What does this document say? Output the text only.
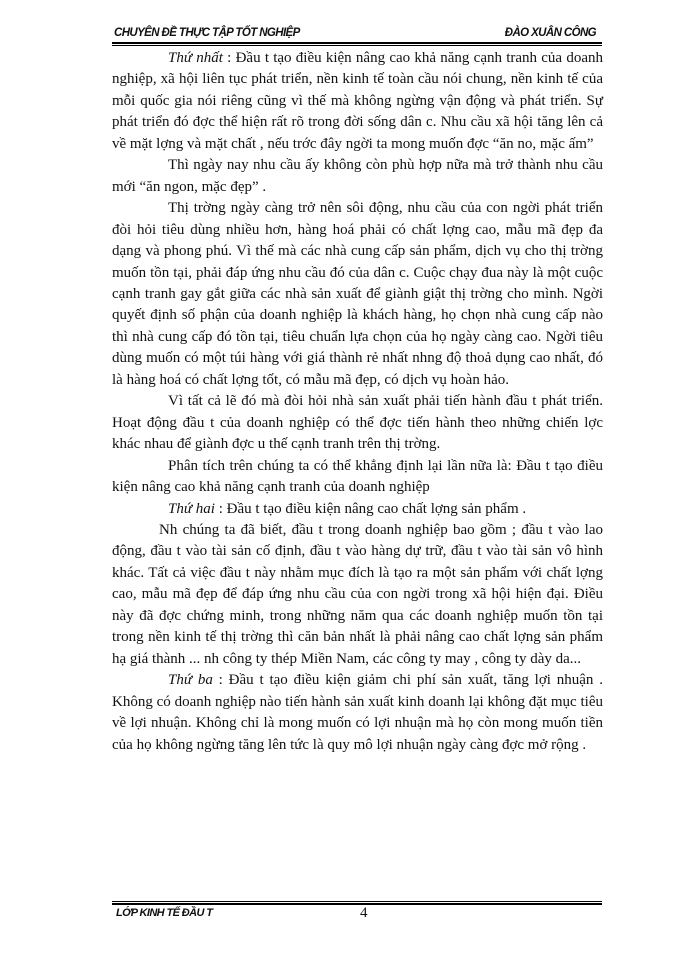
CHUYÊN ĐỀ THỰC TẬP TỐT NGHIỆP	ĐÀO XUÂN CÔNG

Thứ nhất : Đầu t tạo điều kiện nâng cao khả năng cạnh tranh của doanh nghiệp, xã hội liên tục phát triển, nền kinh tế toàn cầu nói chung, nền kinh tế của mỗi quốc gia nói riêng cũng vì thế mà không ngừng vận động và phát triển. Sự phát triển đó đợc thể hiện rất rõ trong đời sống dân c. Nhu cầu xã hội tăng lên cả về mặt lợng và mặt chất , nếu trớc đây ngời ta mong muốn đợc “ăn no, mặc ấm”

Thì ngày nay nhu cầu ấy không còn phù hợp nữa mà trở thành nhu cầu mới “ăn ngon, mặc đẹp” .

Thị trờng ngày càng trở nên sôi động, nhu cầu của con ngời phát triển đòi hỏi tiêu dùng nhiều hơn, hàng hoá phải có chất lợng cao, mẫu mã đẹp đa dạng và phong phú. Vì thế mà các nhà cung cấp sản phẩm, dịch vụ cho thị trờng muốn tồn tại, phải đáp ứng nhu cầu đó của dân c. Cuộc chạy đua này là một cuộc cạnh tranh gay gắt giữa các nhà sản xuất để giành giật thị trờng cho mình. Ngời quyết định số phận của doanh nghiệp là khách hàng, họ chọn nhà cung cấp nào thì nhà cung cấp đó tồn tại, tiêu chuẩn lựa chọn của họ ngày càng cao. Ngời tiêu dùng muốn có một túi hàng với giá thành rẻ nhất nhng độ thoả dụng cao nhất, đó là hàng hoá có chất lợng tốt, có mẫu mã đẹp, có dịch vụ hoàn hảo.

Vì tất cả lẽ đó mà đòi hỏi nhà sản xuất phải tiến hành đầu t phát triển. Hoạt động đầu t của doanh nghiệp có thể đợc tiến hành theo những chiến lợc khác nhau để giành đợc u thế cạnh tranh trên thị trờng.

Phân tích trên chúng ta có thể khẳng định lại lần nữa là: Đầu t tạo điều kiện nâng cao khả năng cạnh tranh của doanh nghiệp

Thứ hai : Đầu t tạo điều kiện nâng cao chất lợng sản phẩm .

Nh chúng ta đã biết, đầu t trong doanh nghiệp bao gồm ; đầu t vào lao động, đầu t vào tài sản cố định, đầu t vào hàng dự trữ, đầu t vào tài sản vô hình khác. Tất cả việc đầu t này nhằm mục đích là tạo ra một sản phẩm với chất lợng cao, mẫu mã đẹp để đáp ứng nhu cầu của con ngời trong xã hội hiện đại. Điều này đã đợc chứng minh, trong những năm qua các doanh nghiệp muốn tồn tại trong nền kinh tế thị trờng thì căn bản nhất là phải nâng cao chất lợng sản phẩm hạ giá thành ... nh công ty thép Miền Nam, các công ty may , công ty dày da...

Thứ ba : Đầu t tạo điều kiện giảm chi phí sản xuất, tăng lợi nhuận . Không có doanh nghiệp nào tiến hành sản xuất kinh doanh lại không đặt mục tiêu về lợi nhuận. Không chỉ là mong muốn có lợi nhuận mà họ còn mong muốn tiền của họ không ngừng tăng lên tức là quy mô lợi nhuận ngày càng đợc mở rộng .

LỚP KINH TẾ ĐẦU T	4
